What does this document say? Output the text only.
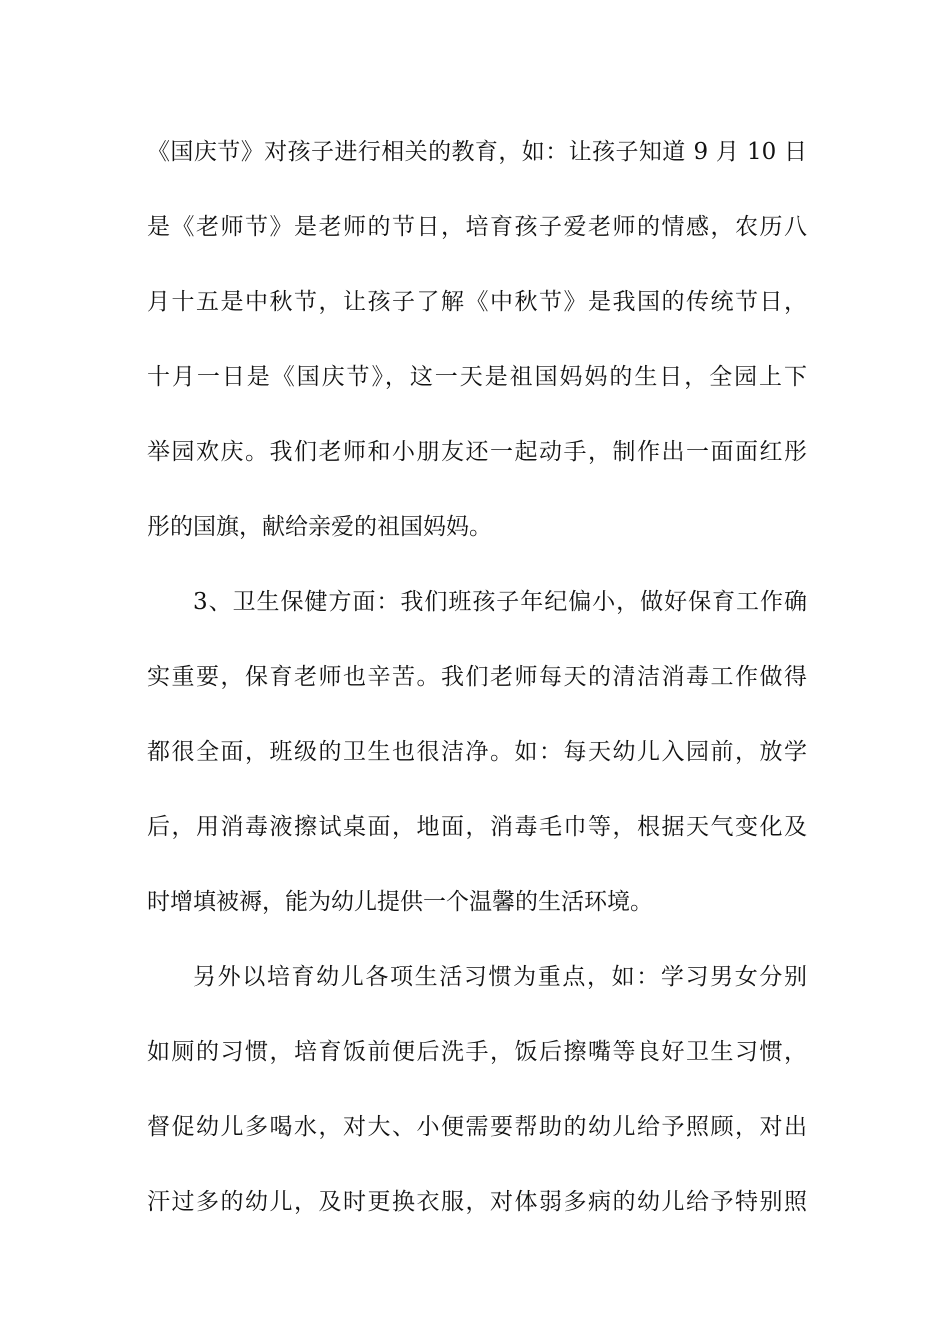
《国庆节》对孩子进行相关的教育，如：让孩子知道 9 月 10 日
是《老师节》是老师的节日，培育孩子爱老师的情感，农历八
月十五是中秋节，让孩子了解《中秋节》是我国的传统节日，
十月一日是《国庆节》，这一天是祖国妈妈的生日，全园上下
举园欢庆。我们老师和小朋友还一起动手，制作出一面面红彤
彤的国旗，献给亲爱的祖国妈妈。
3、卫生保健方面：我们班孩子年纪偏小，做好保育工作确
实重要，保育老师也辛苦。我们老师每天的清洁消毒工作做得
都很全面，班级的卫生也很洁净。如：每天幼儿入园前，放学
后，用消毒液擦试桌面，地面，消毒毛巾等，根据天气变化及
时增填被褥，能为幼儿提供一个温馨的生活环境。
另外以培育幼儿各项生活习惯为重点，如：学习男女分别
如厕的习惯，培育饭前便后洗手，饭后擦嘴等良好卫生习惯，
督促幼儿多喝水，对大、小便需要帮助的幼儿给予照顾，对出
汗过多的幼儿，及时更换衣服，对体弱多病的幼儿给予特别照
